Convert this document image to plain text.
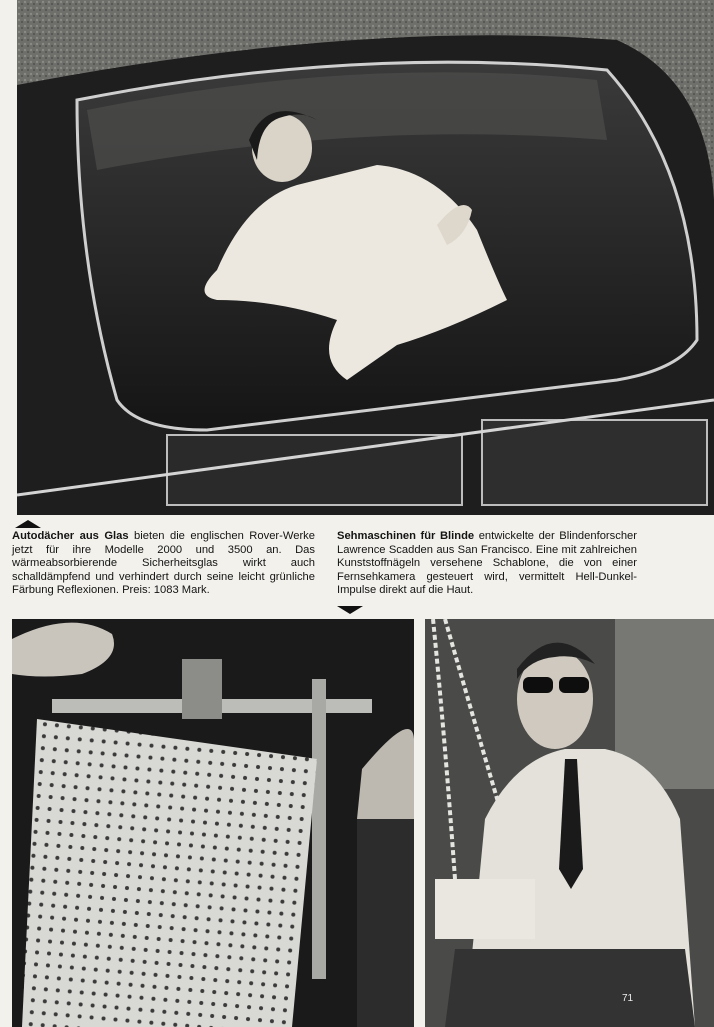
Autodächer aus Glas bieten die englischen Rover-Werke jetzt für ihre Modelle 2000 und 3500 an. Das wärmeabsorbierende Sicherheitsglas wirkt auch schalldämpfend und verhindert durch seine leicht grünliche Färbung Reflexionen. Preis: 1083 Mark.
Sehmaschinen für Blinde entwickelte der Blindenforscher Lawrence Scadden aus San Francisco. Eine mit zahlreichen Kunststoffnägeln versehene Schablone, die von einer Fernsehkamera gesteuert wird, vermittelt Hell-Dunkel-Impulse direkt auf die Haut.
71
